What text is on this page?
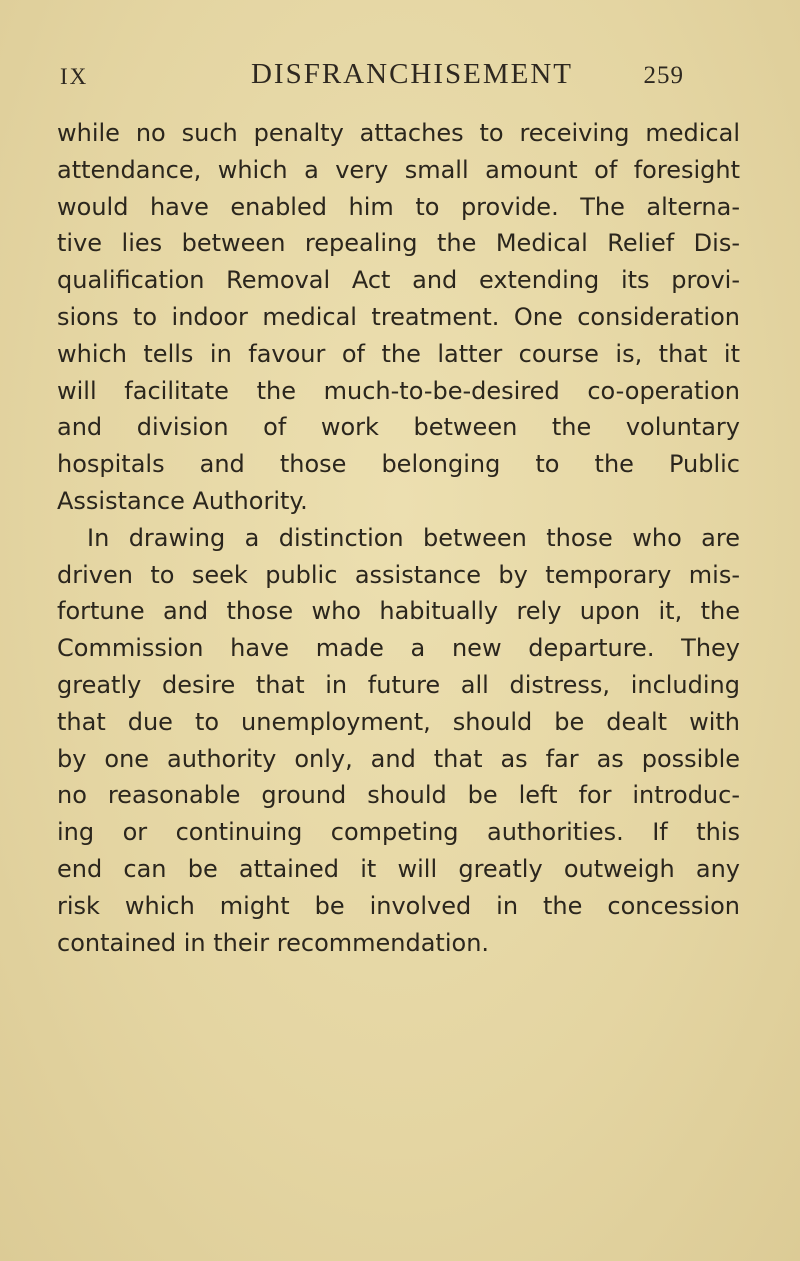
IX	DISFRANCHISEMENT	259
while no such penalty attaches to receiving medical
attendance, which a very small amount of foresight
would have enabled him to provide. The alterna-
tive lies between repealing the Medical Relief Dis-
qualification Removal Act and extending its provi-
sions to indoor medical treatment. One consideration
which tells in favour of the latter course is, that it
will facilitate the much-to-be-desired co-operation
and division of work between the voluntary
hospitals and those belonging to the Public
Assistance Authority.
In drawing a distinction between those who are
driven to seek public assistance by temporary mis-
fortune and those who habitually rely upon it, the
Commission have made a new departure. They
greatly desire that in future all distress, including
that due to unemployment, should be dealt with
by one authority only, and that as far as possible
no reasonable ground should be left for introduc-
ing or continuing competing authorities. If this
end can be attained it will greatly outweigh any
risk which might be involved in the concession
contained in their recommendation.
